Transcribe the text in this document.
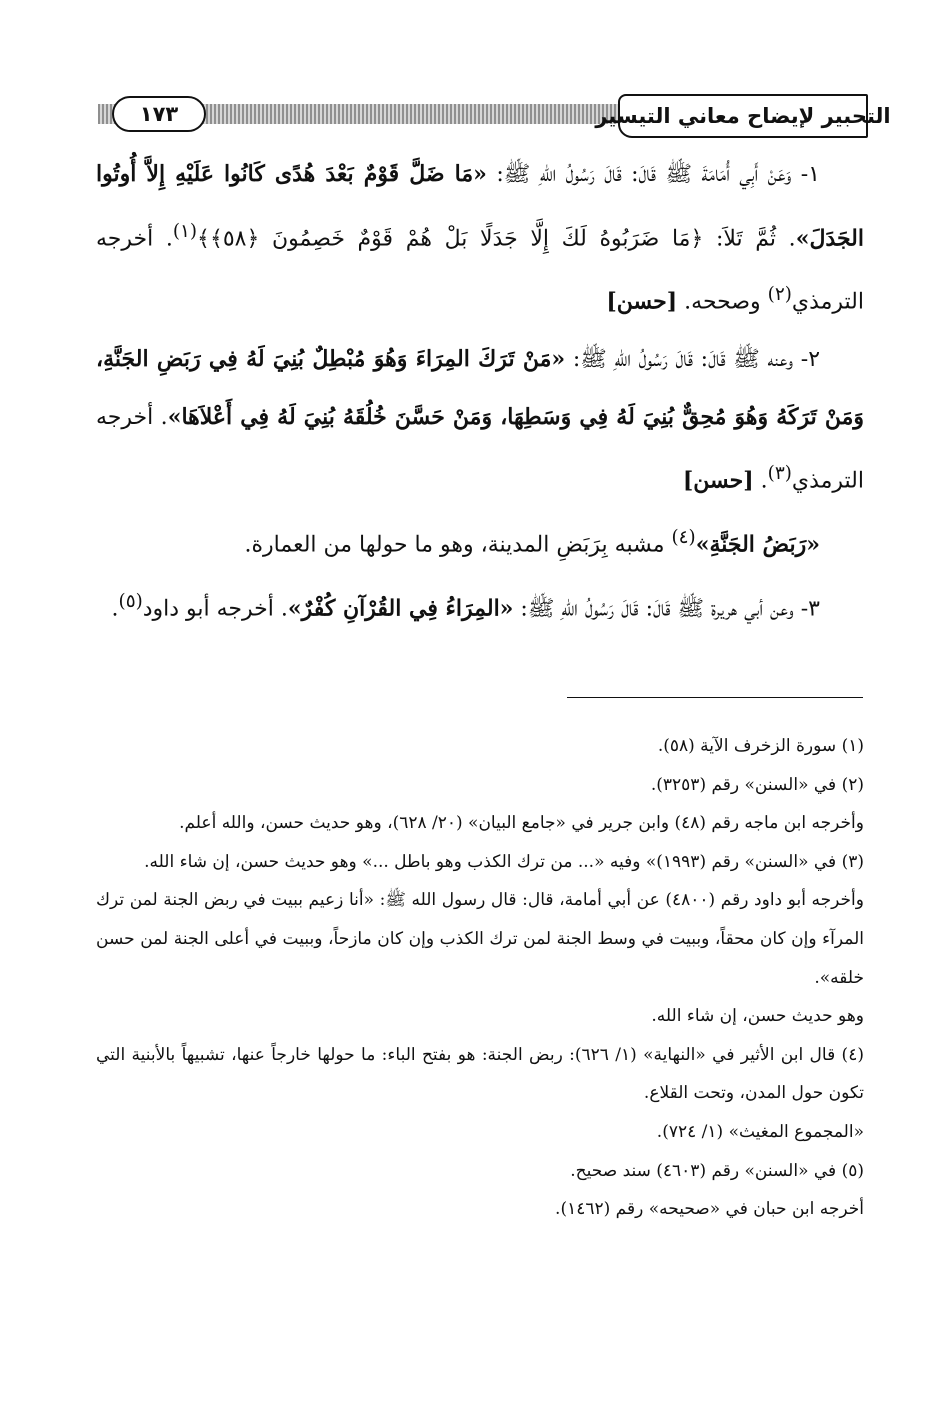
١٧٣	التحبير لإيضاح معاني التيسير

١- وَعَنْ أَبِي أُمَامَةَ ﷺ قَالَ: قَالَ رَسُولُ اللهِ ﷺ: «مَا ضَلَّ قَوْمٌ بَعْدَ هُدًى كَانُوا عَلَيْهِ إِلاَّ أُوتُوا الجَدَلَ». ثُمَّ تَلاَ: ﴿مَا ضَرَبُوهُ لَكَ إِلَّا جَدَلًا بَلْ هُمْ قَوْمٌ خَصِمُونَ ﴿٥٨﴾﴾$^{(١)}$. أخرجه الترمذي$^{(٢)}$ وصححه. [حسن]

٢- وعنه ﷺ قَالَ: قَالَ رَسُولُ اللهِ ﷺ: «مَنْ تَرَكَ المِرَاءَ وَهُوَ مُبْطِلٌ بُنِيَ لَهُ فِي رَبَضِ الجَنَّةِ، وَمَنْ تَرَكَهُ وَهُوَ مُحِقٌّ بُنِيَ لَهُ فِي وَسَطِهَا، وَمَنْ حَسَّنَ خُلُقَهُ بُنِيَ لَهُ فِي أَعْلاَهَا». أخرجه الترمذي$^{(٣)}$. [حسن]

«رَبَضُ الجَنَّةِ»$^{(٤)}$ مشبه بِرَبَضِ المدينة، وهو ما حولها من العمارة.

٣- وعن أبي هريرة ﷺ قَالَ: قَالَ رَسُولُ اللهِ ﷺ: «المِرَاءُ فِي القُرْآنِ كُفْرٌ». أخرجه أبو داود$^{(٥)}$.

(١) سورة الزخرف الآية (٥٨).

(٢) في «السنن» رقم (٣٢٥٣).

وأخرجه ابن ماجه رقم (٤٨) وابن جرير في «جامع البيان» (٢٠/ ٦٢٨)، وهو حديث حسن، والله أعلم.

(٣) في «السنن» رقم (١٩٩٣)» وفيه «... من ترك الكذب وهو باطل ...» وهو حديث حسن، إن شاء الله.

وأخرجه أبو داود رقم (٤٨٠٠) عن أبي أمامة، قال: قال رسول الله ﷺ: «أنا زعيم ببيت في ربض الجنة لمن ترك المرآء وإن كان محقاً، وببيت في وسط الجنة لمن ترك الكذب وإن كان مازحاً، وببيت في أعلى الجنة لمن حسن خلقه».

وهو حديث حسن، إن شاء الله.

(٤) قال ابن الأثير في «النهاية» (١/ ٦٢٦): ربض الجنة: هو بفتح الباء: ما حولها خارجاً عنها، تشبيهاً بالأبنية التي تكون حول المدن، وتحت القلاع.

«المجموع المغيث» (١/ ٧٢٤).

(٥) في «السنن» رقم (٤٦٠٣) سند صحيح.

أخرجه ابن حبان في «صحيحه» رقم (١٤٦٢).
